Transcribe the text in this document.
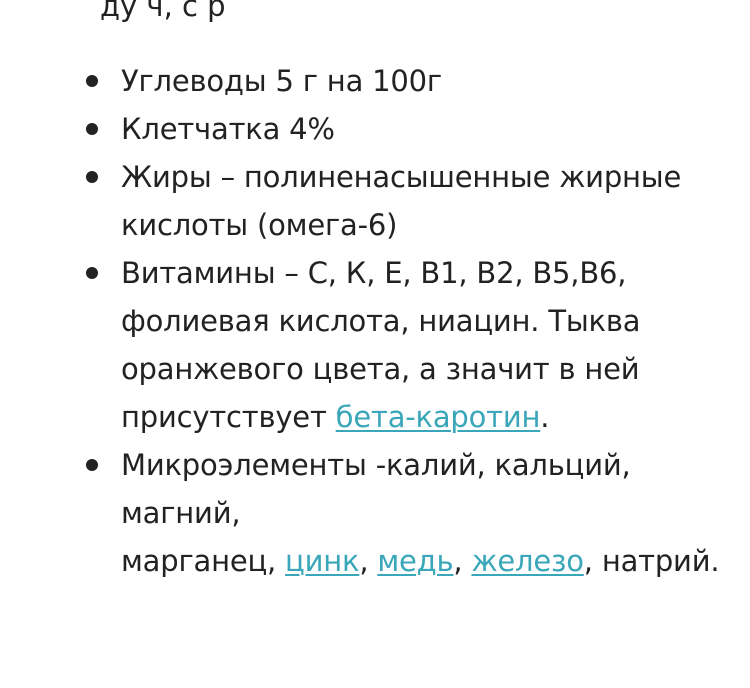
ду ч, с р
Углеводы 5 г на 100г
Клетчатка 4%
Жиры – полиненасышенные жирные
кислоты (омега-6)
Витамины – С, К, Е, В1, В2, В5,В6,
фолиевая кислота, ниацин. Тыква
оранжевого цвета, а значит в ней
присутствует бета-каротин.
Микроэлементы -калий, кальций,
магний,
марганец, цинк, медь, железо, натрий.
